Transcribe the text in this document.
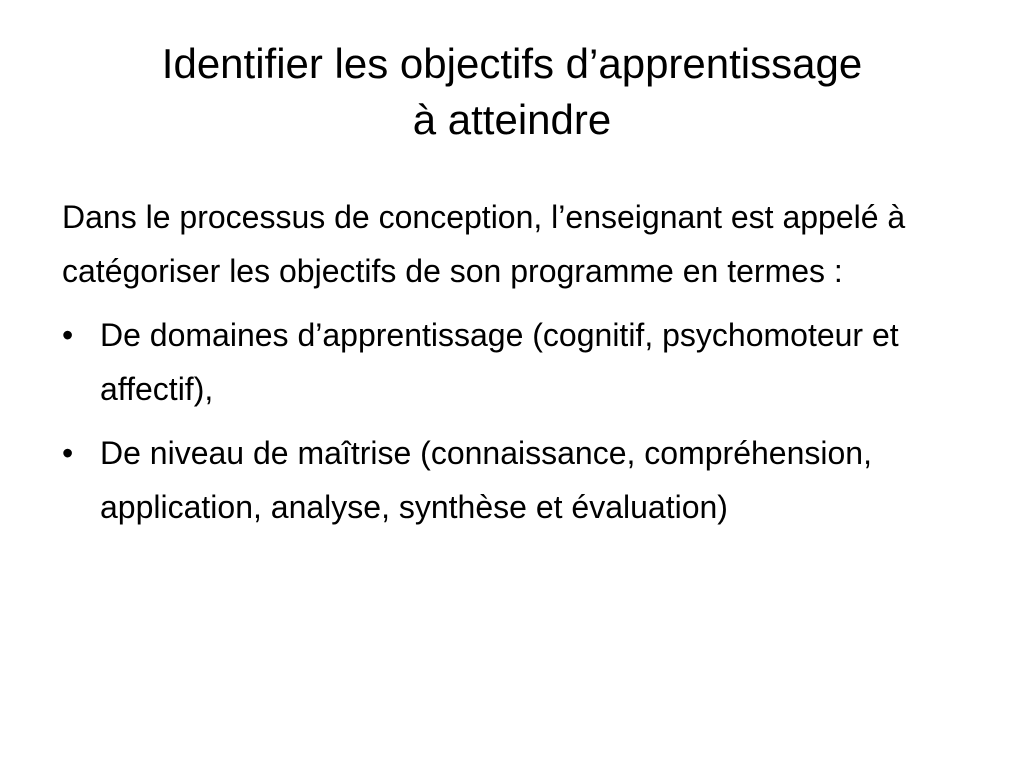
Identifier les objectifs d’apprentissage
à atteindre

Dans le processus de conception, l’enseignant est appelé à catégoriser les objectifs de son programme en termes :

• De domaines d’apprentissage (cognitif, psychomoteur et affectif),
• De niveau de maîtrise (connaissance, compréhension, application, analyse, synthèse et évaluation)
